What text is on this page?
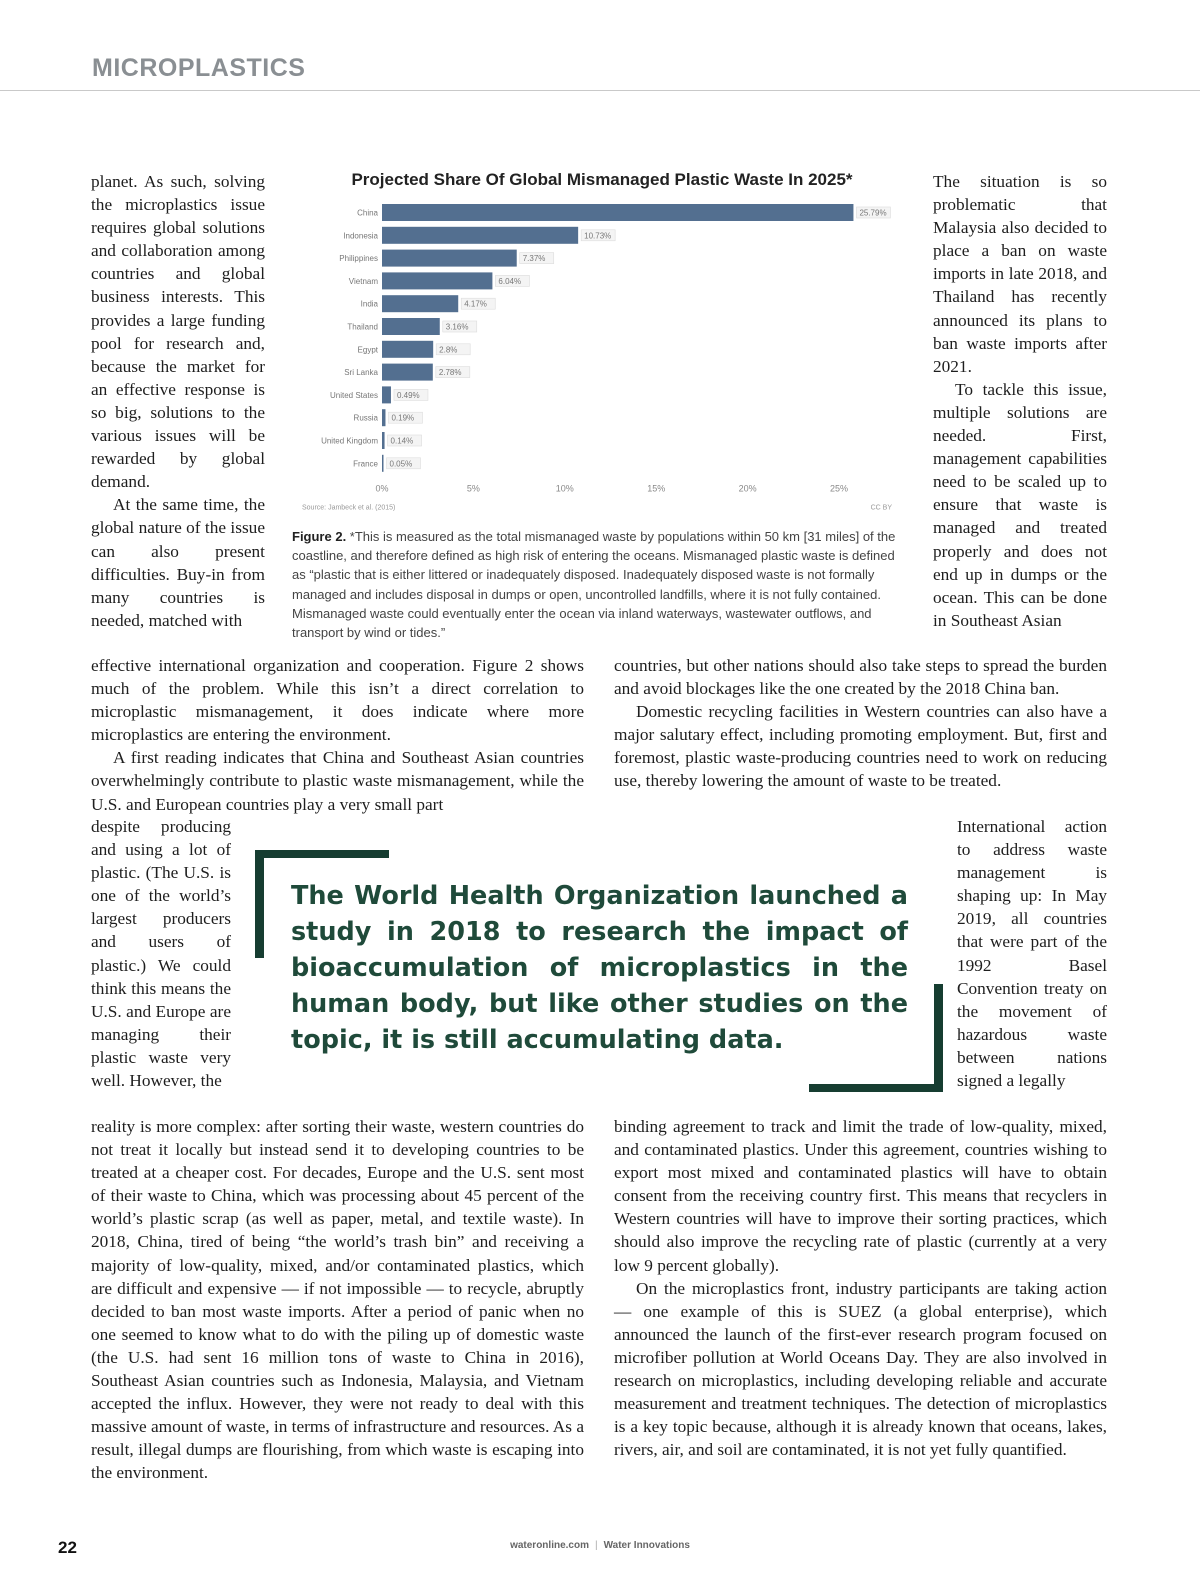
MICROPLASTICS

planet. As such, solving the microplastics issue requires global solutions and collaboration among countries and global business interests. This provides a large funding pool for research and, because the market for an effective response is so big, solutions to the various issues will be rewarded by global demand.

At the same time, the global nature of the issue can also present difficulties. Buy-in from many countries is needed, matched with

The situation is so problematic that Malaysia also decided to place a ban on waste imports in late 2018, and Thailand has recently announced its plans to ban waste imports after 2021.

To tackle this issue, multiple solutions are needed. First, management capabilities need to be scaled up to ensure that waste is managed and treated properly and does not end up in dumps or the ocean. This can be done in Southeast Asian

Projected Share Of Global Mismanaged Plastic Waste In 2025*
China	25.79%
Indonesia	10.73%
Philippines	7.37%
Vietnam	6.04%
India	4.17%
Thailand	3.16%
Egypt	2.8%
Sri Lanka	2.78%
United States 0.49%
Russia 0.19%
United Kingdom 0.14%
France 0.05%
0%	5%	10%	15%	20%	25%
Source: Jambeck et al. (2015)	CC BY

Figure 2. *This is measured as the total mismanaged waste by populations within 50 km [31 miles] of the coastline, and therefore defined as high risk of entering the oceans. Mismanaged plastic waste is defined as “plastic that is either littered or inadequately disposed. Inadequately disposed waste is not formally managed and includes disposal in dumps or open, uncontrolled landfills, where it is not fully contained. Mismanaged waste could eventually enter the ocean via inland waterways, wastewater outflows, and transport by wind or tides.”

effective international organization and cooperation. Figure 2 shows much of the problem. While this isn’t a direct correlation to microplastic mismanagement, it does indicate where more microplastics are entering the environment.

A first reading indicates that China and Southeast Asian countries overwhelmingly contribute to plastic waste mismanagement, while the U.S. and European countries play a very small part

countries, but other nations should also take steps to spread the burden and avoid blockages like the one created by the 2018 China ban.

Domestic recycling facilities in Western countries can also have a major salutary effect, including promoting employment. But, first and foremost, plastic waste-producing countries need to work on reducing use, thereby lowering the amount of waste to be treated.

despite producing and using a lot of plastic. (The U.S. is one of the world’s largest producers and users of plastic.) We could think this means the U.S. and Europe are managing their plastic waste very well. However, the

International action to address waste management is shaping up: In May 2019, all countries that were part of the 1992 Basel Convention treaty on the movement of hazardous waste between nations signed a legally

The World Health Organization launched a study in 2018 to research the impact of bioaccumulation of microplastics in the human body, but like other studies on the topic, it is still accumulating data.

reality is more complex: after sorting their waste, western countries do not treat it locally but instead send it to developing countries to be treated at a cheaper cost. For decades, Europe and the U.S. sent most of their waste to China, which was processing about 45 percent of the world’s plastic scrap (as well as paper, metal, and textile waste). In 2018, China, tired of being “the world’s trash bin” and receiving a majority of low-quality, mixed, and/or contaminated plastics, which are difficult and expensive — if not impossible — to recycle, abruptly decided to ban most waste imports. After a period of panic when no one seemed to know what to do with the piling up of domestic waste (the U.S. had sent 16 million tons of waste to China in 2016), Southeast Asian countries such as Indonesia, Malaysia, and Vietnam accepted the influx. However, they were not ready to deal with this massive amount of waste, in terms of infrastructure and resources. As a result, illegal dumps are flourishing, from which waste is escaping into the environment.

binding agreement to track and limit the trade of low-quality, mixed, and contaminated plastics. Under this agreement, countries wishing to export most mixed and contaminated plastics will have to obtain consent from the receiving country first. This means that recyclers in Western countries will have to improve their sorting practices, which should also improve the recycling rate of plastic (currently at a very low 9 percent globally).

On the microplastics front, industry participants are taking action — one example of this is SUEZ (a global enterprise), which announced the launch of the first-ever research program focused on microfiber pollution at World Oceans Day. They are also involved in research on microplastics, including developing reliable and accurate measurement and treatment techniques. The detection of microplastics is a key topic because, although it is already known that oceans, lakes, rivers, air, and soil are contaminated, it is not yet fully quantified.

22	wateronline.com | Water Innovations
